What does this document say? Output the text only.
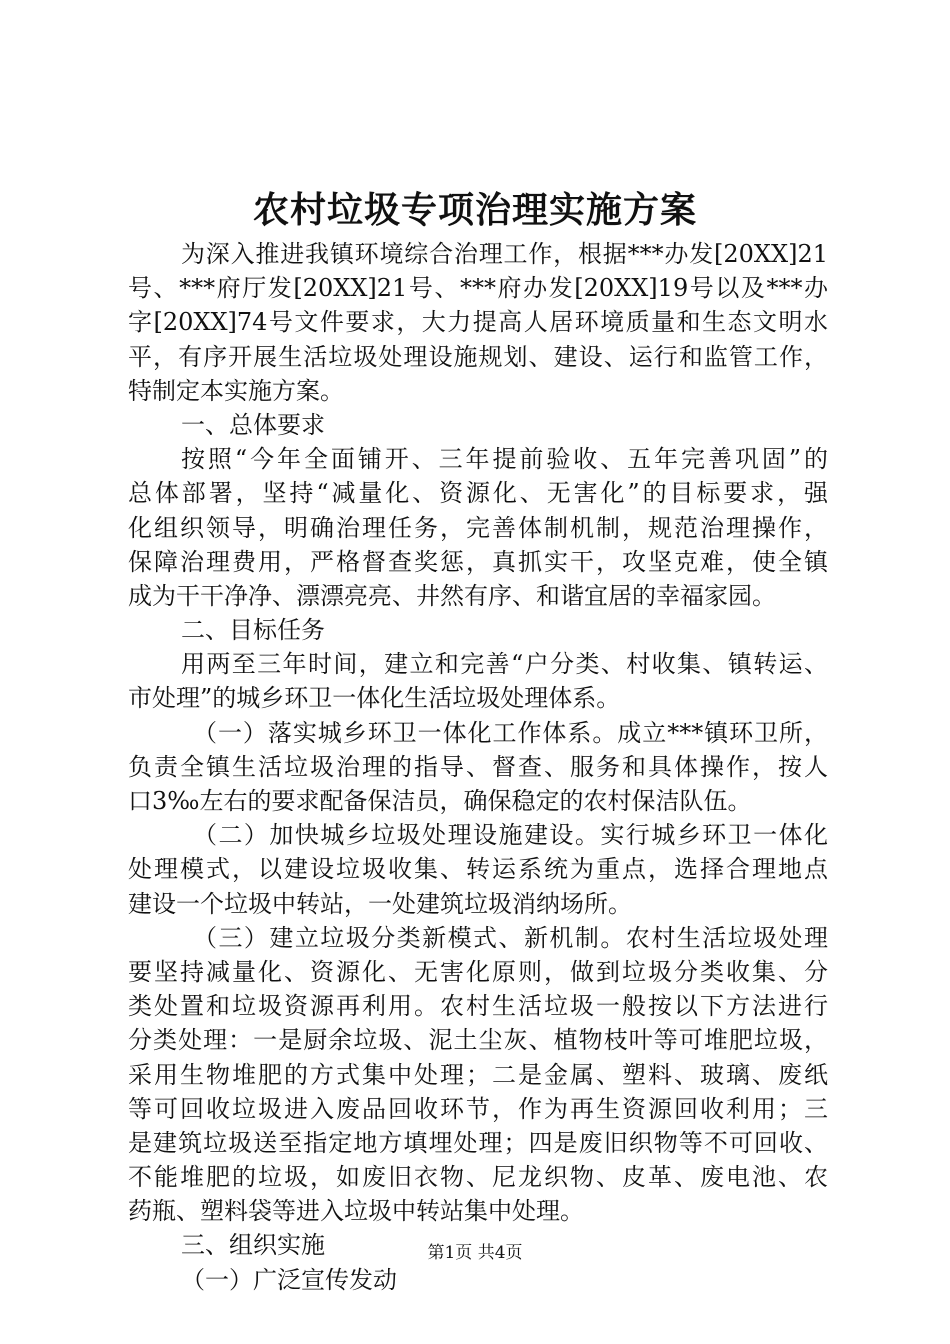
农村垃圾专项治理实施方案
为深入推进我镇环境综合治理工作，根据***办发[20XX]21
号、***府厅发[20XX]21号、***府办发[20XX]19号以及***办
字[20XX]74号文件要求，大力提高人居环境质量和生态文明水
平，有序开展生活垃圾处理设施规划、建设、运行和监管工作，
特制定本实施方案。
一、总体要求
按照“今年全面铺开、三年提前验收、五年完善巩固”的
总体部署，坚持“减量化、资源化、无害化”的目标要求，强
化组织领导，明确治理任务，完善体制机制，规范治理操作，
保障治理费用，严格督查奖惩，真抓实干，攻坚克难，使全镇
成为干干净净、漂漂亮亮、井然有序、和谐宜居的幸福家园。
二、目标任务
用两至三年时间，建立和完善“户分类、村收集、镇转运、
市处理”的城乡环卫一体化生活垃圾处理体系。
（一）落实城乡环卫一体化工作体系。成立***镇环卫所，
负责全镇生活垃圾治理的指导、督查、服务和具体操作，按人
口3‰左右的要求配备保洁员，确保稳定的农村保洁队伍。
（二）加快城乡垃圾处理设施建设。实行城乡环卫一体化
处理模式，以建设垃圾收集、转运系统为重点，选择合理地点
建设一个垃圾中转站，一处建筑垃圾消纳场所。
（三）建立垃圾分类新模式、新机制。农村生活垃圾处理
要坚持减量化、资源化、无害化原则，做到垃圾分类收集、分
类处置和垃圾资源再利用。农村生活垃圾一般按以下方法进行
分类处理：一是厨余垃圾、泥土尘灰、植物枝叶等可堆肥垃圾，
采用生物堆肥的方式集中处理；二是金属、塑料、玻璃、废纸
等可回收垃圾进入废品回收环节，作为再生资源回收利用；三
是建筑垃圾送至指定地方填埋处理；四是废旧织物等不可回收、
不能堆肥的垃圾，如废旧衣物、尼龙织物、皮革、废电池、农
药瓶、塑料袋等进入垃圾中转站集中处理。
三、组织实施
（一）广泛宣传发动
第1页 共4页
